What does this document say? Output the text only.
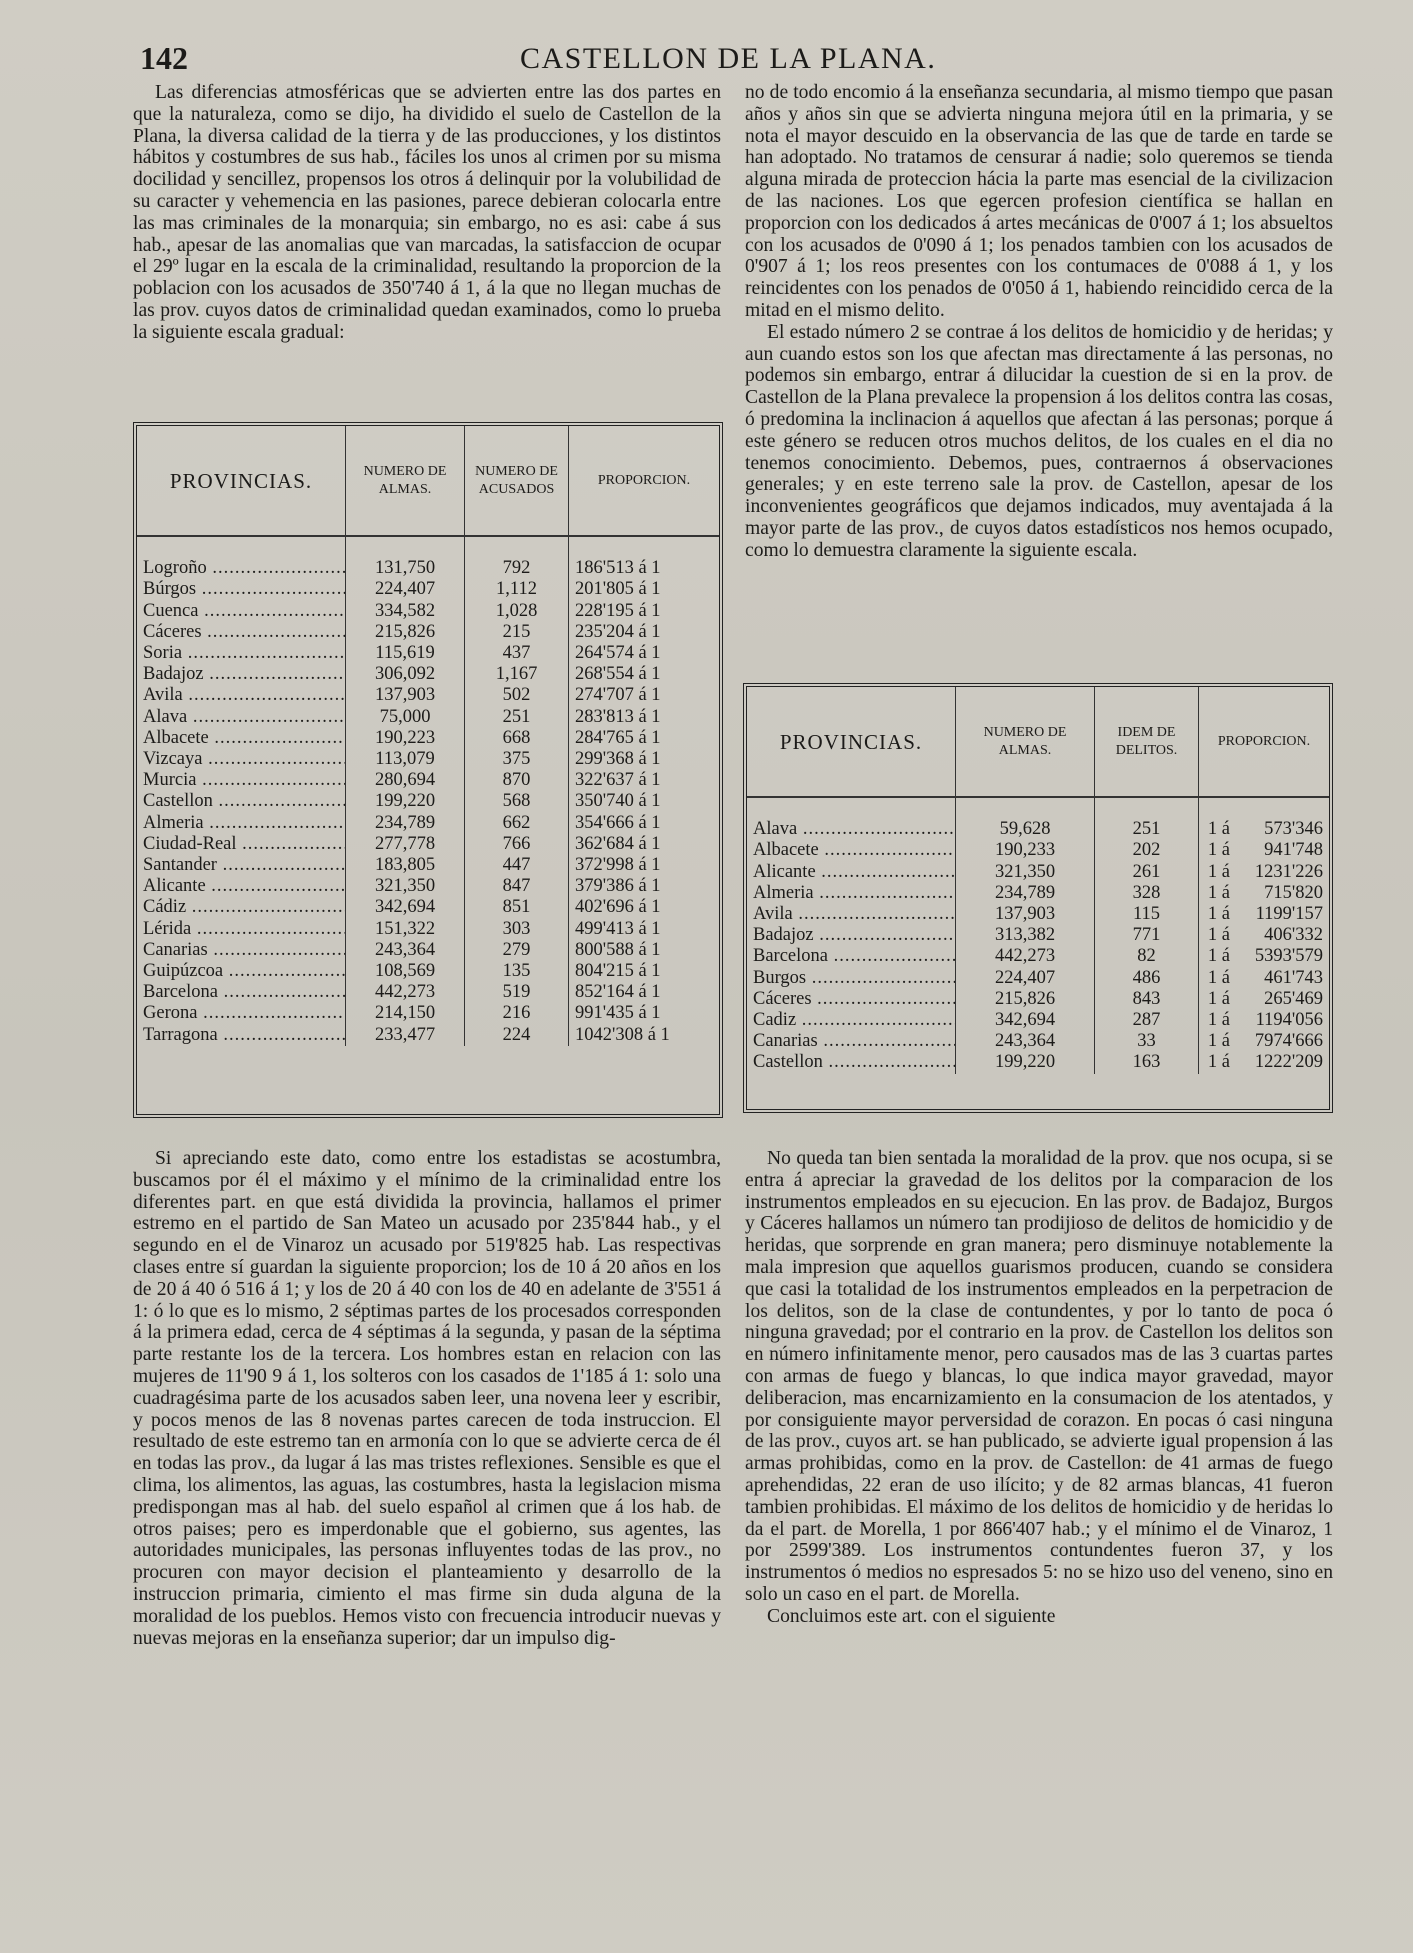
142	CASTELLON DE LA PLANA.

Las diferencias atmosféricas que se advierten entre las dos partes en que la naturaleza, como se dijo, ha dividido el suelo de Castellon de la Plana, la diversa calidad de la tierra y de las producciones, y los distintos hábitos y costumbres de sus hab., fáciles los unos al crimen por su misma docilidad y sencillez, propensos los otros á delinquir por la volubilidad de su caracter y vehemencia en las pasiones, parece debieran colocarla entre las mas criminales de la monarquia; sin embargo, no es asi: cabe á sus hab., apesar de las anomalias que van marcadas, la satisfaccion de ocupar el 29º lugar en la escala de la criminalidad, resultando la proporcion de la poblacion con los acusados de 350'740 á 1, á la que no llegan muchas de las prov. cuyos datos de criminalidad quedan examinados, como lo prueba la siguiente escala gradual:

PROVINCIAS.	NUMERO DE ALMAS.	NUMERO DE ACUSADOS	PROPORCION.

Logroño .....	131,750	792	186'513 á 1
Búrgos .....	224,407	1,112	201'805 á 1
Cuenca .....	334,582	1,028	228'195 á 1
Cáceres .....	215,826	215	235'204 á 1
Soria .....	115,619	437	264'574 á 1
Badajoz .....	306,092	1,167	268'554 á 1
Avila .....	137,903	502	274'707 á 1
Alava .....	75,000	251	283'813 á 1
Albacete .....	190,223	668	284'765 á 1
Vizcaya .....	113,079	375	299'368 á 1
Murcia .....	280,694	870	322'637 á 1
Castellon .....	199,220	568	350'740 á 1
Almeria .....	234,789	662	354'666 á 1
Ciudad-Real .....	277,778	766	362'684 á 1
Santander .....	183,805	447	372'998 á 1
Alicante .....	321,350	847	379'386 á 1
Cádiz .....	342,694	851	402'696 á 1
Lérida .....	151,322	303	499'413 á 1
Canarias .....	243,364	279	800'588 á 1
Guipúzcoa .....	108,569	135	804'215 á 1
Barcelona .....	442,273	519	852'164 á 1
Gerona .....	214,150	216	991'435 á 1
Tarragona .....	233,477	224	1042'308 á 1

Si apreciando este dato, como entre los estadistas se acostumbra, buscamos por él el máximo y el mínimo de la criminalidad entre los diferentes part. en que está dividida la provincia, hallamos el primer estremo en el partido de San Mateo un acusado por 235'844 hab., y el segundo en el de Vinaroz un acusado por 519'825 hab. Las respectivas clases entre sí guardan la siguiente proporcion; los de 10 á 20 años en los de 20 á 40 ó 516 á 1; y los de 20 á 40 con los de 40 en adelante de 3'551 á 1: ó lo que es lo mismo, 2 séptimas partes de los procesados corresponden á la primera edad, cerca de 4 séptimas á la segunda, y pasan de la séptima parte restante los de la tercera. Los hombres estan en relacion con las mujeres de 11'90 9 á 1, los solteros con los casados de 1'185 á 1: solo una cuadragésima parte de los acusados saben leer, una novena leer y escribir, y pocos menos de las 8 novenas partes carecen de toda instruccion. El resultado de este estremo tan en armonía con lo que se advierte cerca de él en todas las prov., da lugar á las mas tristes reflexiones. Sensible es que el clima, los alimentos, las aguas, las costumbres, hasta la legislacion misma predispongan mas al hab. del suelo español al crimen que á los hab. de otros paises; pero es imperdonable que el gobierno, sus agentes, las autoridades municipales, las personas influyentes todas de las prov., no procuren con mayor decision el planteamiento y desarrollo de la instruccion primaria, cimiento el mas firme sin duda alguna de la moralidad de los pueblos. Hemos visto con frecuencia introducir nuevas y nuevas mejoras en la enseñanza superior; dar un impulso dig-

no de todo encomio á la enseñanza secundaria, al mismo tiempo que pasan años y años sin que se advierta ninguna mejora útil en la primaria, y se nota el mayor descuido en la observancia de las que de tarde en tarde se han adoptado. No tratamos de censurar á nadie; solo queremos se tienda alguna mirada de proteccion hácia la parte mas esencial de la civilizacion de las naciones. Los que egercen profesion científica se hallan en proporcion con los dedicados á artes mecánicas de 0'007 á 1; los absueltos con los acusados de 0'090 á 1; los penados tambien con los acusados de 0'907 á 1; los reos presentes con los contumaces de 0'088 á 1, y los reincidentes con los penados de 0'050 á 1, habiendo reincidido cerca de la mitad en el mismo delito.

El estado número 2 se contrae á los delitos de homicidio y de heridas; y aun cuando estos son los que afectan mas directamente á las personas, no podemos sin embargo, entrar á dilucidar la cuestion de si en la prov. de Castellon de la Plana prevalece la propension á los delitos contra las cosas, ó predomina la inclinacion á aquellos que afectan á las personas; porque á este género se reducen otros muchos delitos, de los cuales en el dia no tenemos conocimiento. Debemos, pues, contraernos á observaciones generales; y en este terreno sale la prov. de Castellon, apesar de los inconvenientes geográficos que dejamos indicados, muy aventajada á la mayor parte de las prov., de cuyos datos estadísticos nos hemos ocupado, como lo demuestra claramente la siguiente escala.

PROVINCIAS.	NUMERO DE ALMAS.	IDEM DE DELITOS.	PROPORCION.	

Alava .....	59,628	251	1 á	573'346
Albacete .....	190,233	202	1 á	941'748
Alicante .....	321,350	261	1 á	1231'226
Almeria .....	234,789	328	1 á	715'820
Avila .....	137,903	115	1 á	1199'157
Badajoz .....	313,382	771	1 á	406'332
Barcelona .....	442,273	82	1 á	5393'579
Burgos .....	224,407	486	1 á	461'743
Cáceres .....	215,826	843	1 á	265'469
Cadiz .....	342,694	287	1 á	1194'056
Canarias .....	243,364	33	1 á	7974'666
Castellon .....	199,220	163	1 á	1222'209

No queda tan bien sentada la moralidad de la prov. que nos ocupa, si se entra á apreciar la gravedad de los delitos por la comparacion de los instrumentos empleados en su ejecucion. En las prov. de Badajoz, Burgos y Cáceres hallamos un número tan prodijioso de delitos de homicidio y de heridas, que sorprende en gran manera; pero disminuye notablemente la mala impresion que aquellos guarismos producen, cuando se considera que casi la totalidad de los instrumentos empleados en la perpetracion de los delitos, son de la clase de contundentes, y por lo tanto de poca ó ninguna gravedad; por el contrario en la prov. de Castellon los delitos son en número infinitamente menor, pero causados mas de las 3 cuartas partes con armas de fuego y blancas, lo que indica mayor gravedad, mayor deliberacion, mas encarnizamiento en la consumacion de los atentados, y por consiguiente mayor perversidad de corazon. En pocas ó casi ninguna de las prov., cuyos art. se han publicado, se advierte igual propension á las armas prohibidas, como en la prov. de Castellon: de 41 armas de fuego aprehendidas, 22 eran de uso ilícito; y de 82 armas blancas, 41 fueron tambien prohibidas. El máximo de los delitos de homicidio y de heridas lo da el part. de Morella, 1 por 866'407 hab.; y el mínimo el de Vinaroz, 1 por 2599'389. Los instrumentos contundentes fueron 37, y los instrumentos ó medios no espresados 5: no se hizo uso del veneno, sino en solo un caso en el part. de Morella.

Concluimos este art. con el siguiente
